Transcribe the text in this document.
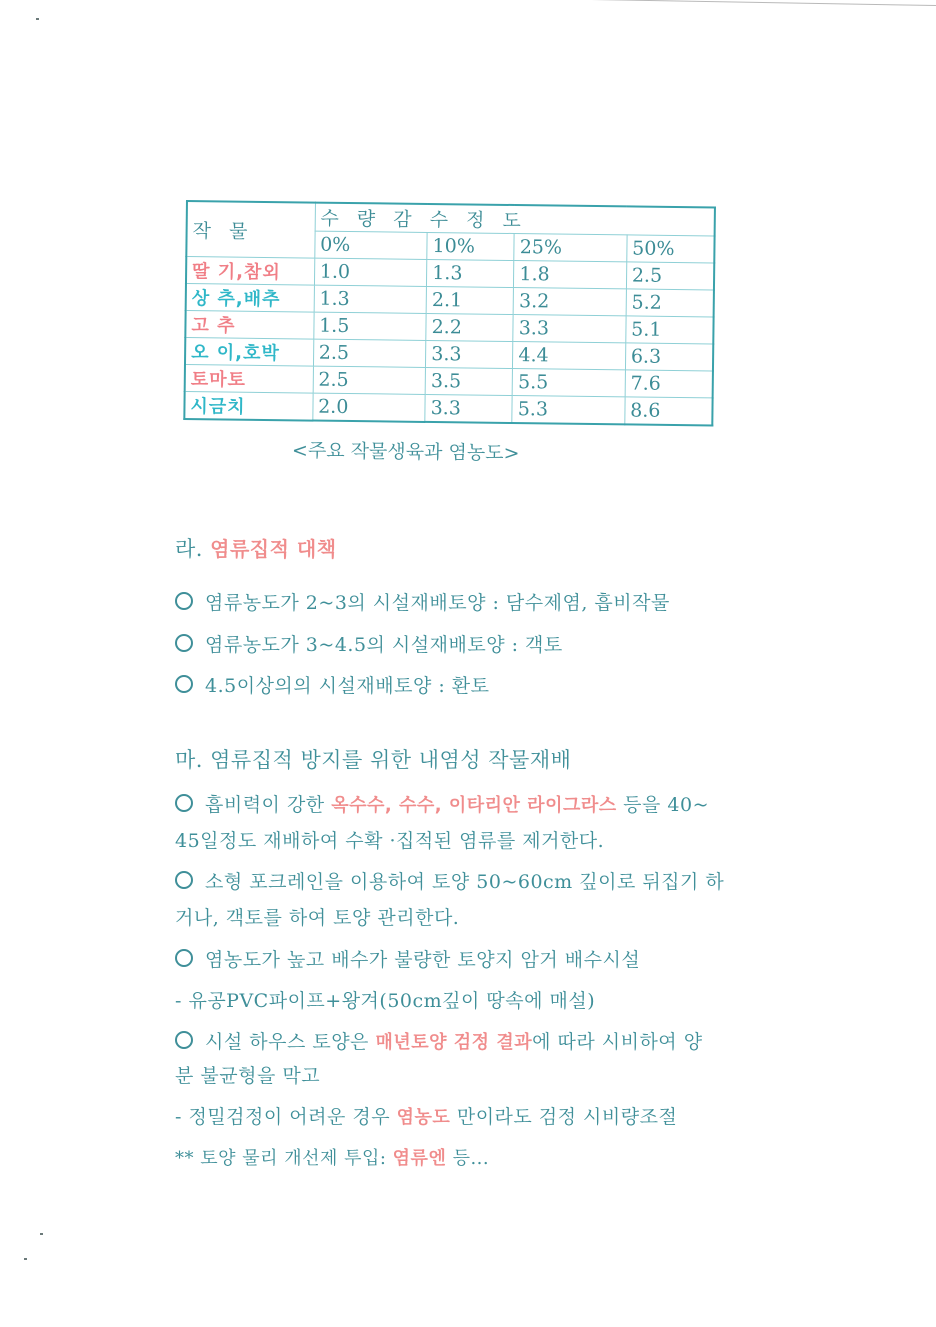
작 물	수 량 감 수 정 도			
	0%	10%	25%	50%
딸 기,참외	1.0	1.3	1.8	2.5
상 추,배추	1.3	2.1	3.2	5.2
고 추	1.5	2.2	3.3	5.1
오 이,호박	2.5	3.3	4.4	6.3
토마토	2.5	3.5	5.5	7.6
시금치	2.0	3.3	5.3	8.6
<주요 작물생육과 염농도>
라. 염류집적 대책
염류농도가 2~3의 시설재배토양 : 담수제염, 흡비작물
염류농도가 3~4.5의 시설재배토양 : 객토
4.5이상의의 시설재배토양 : 환토
마. 염류집적 방지를 위한 내염성 작물재배
흡비력이 강한 옥수수, 수수, 이타리안 라이그라스 등을 40~
45일정도 재배하여 수확 ·집적된 염류를 제거한다.
소형 포크레인을 이용하여 토양 50~60cm 깊이로 뒤집기 하
거나, 객토를 하여 토양 관리한다.
염농도가 높고 배수가 불량한 토양지 암거 배수시설
- 유공PVC파이프+왕겨(50cm깊이 땅속에 매설)
시설 하우스 토양은 매년토양 검정 결과에 따라 시비하여 양
분 불균형을 막고
- 정밀검정이 어려운 경우 염농도 만이라도 검정 시비량조절
** 토양 물리 개선제 투입: 염류엔 등...
